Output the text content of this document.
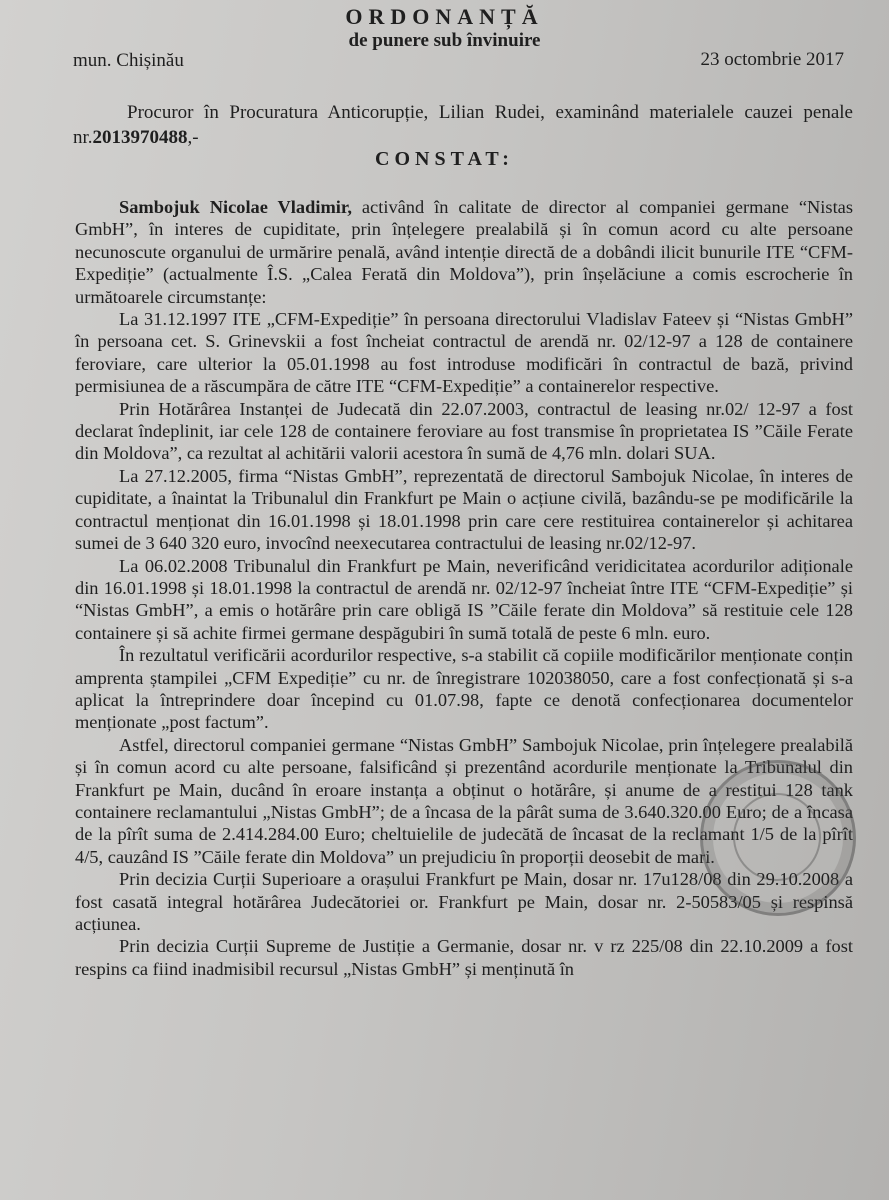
ORDONANȚĂ
de punere sub învinuire
mun. Chișinău	23 octombrie 2017
Procuror în Procuratura Anticorupție, Lilian Rudei, examinând materialele cauzei penale nr.2013970488,-
CONSTAT:

Sambojuk Nicolae Vladimir, activând în calitate de director al companiei germane “Nistas GmbH”, în interes de cupiditate, prin înțelegere prealabilă și în comun acord cu alte persoane necunoscute organului de urmărire penală, având intenție directă de a dobândi ilicit bunurile ITE “CFM-Expediție” (actualmente Î.S. „Calea Ferată din Moldova”), prin înșelăciune a comis escrocherie în următoarele circumstanțe:

La 31.12.1997 ITE „CFM-Expediție” în persoana directorului Vladislav Fateev și “Nistas GmbH” în persoana cet. S. Grinevskii a fost încheiat contractul de arendă nr. 02/12-97 a 128 de containere feroviare, care ulterior la 05.01.1998 au fost introduse modificări în contractul de bază, privind permisiunea de a răscumpăra de către ITE “CFM-Expediție” a containerelor respective.

Prin Hotărârea Instanței de Judecată din 22.07.2003, contractul de leasing nr.02/ 12-97 a fost declarat îndeplinit, iar cele 128 de containere feroviare au fost transmise în proprietatea IS ”Căile Ferate din Moldova”, ca rezultat al achitării valorii acestora în sumă de 4,76 mln. dolari SUA.

La 27.12.2005, firma “Nistas GmbH”, reprezentată de directorul Sambojuk Nicolae, în interes de cupiditate, a înaintat la Tribunalul din Frankfurt pe Main o acțiune civilă, bazându-se pe modificările la contractul menționat din 16.01.1998 și 18.01.1998 prin care cere restituirea containerelor și achitarea sumei de 3 640 320 euro, invocînd neexecutarea contractului de leasing nr.02/12-97.

La 06.02.2008 Tribunalul din Frankfurt pe Main, neverificând veridicitatea acordurilor adiționale din 16.01.1998 și 18.01.1998 la contractul de arendă nr. 02/12-97 încheiat între ITE “CFM-Expediție” și “Nistas GmbH”, a emis o hotărâre prin care obligă IS ”Căile ferate din Moldova” să restituie cele 128 containere și să achite firmei germane despăgubiri în sumă totală de peste 6 mln. euro.

În rezultatul verificării acordurilor respective, s-a stabilit că copiile modificărilor menționate conțin amprenta ștampilei „CFM Expediție” cu nr. de înregistrare 102038050, care a fost confecționată și s-a aplicat la întreprindere doar începind cu 01.07.98, fapte ce denotă confecționarea documentelor menționate „post factum”.

Astfel, directorul companiei germane “Nistas GmbH” Sambojuk Nicolae, prin înțelegere prealabilă și în comun acord cu alte persoane, falsificând și prezentând acordurile menționate la Tribunalul din Frankfurt pe Main, ducând în eroare instanța a obținut o hotărâre, și anume de a restitui 128 tank containere reclamantului „Nistas GmbH”; de a încasa de la pârât suma de 3.640.320.00 Euro; de a încasa de la pîrît suma de 2.414.284.00 Euro; cheltuielile de judecătă de încasat de la reclamant 1/5 de la pîrît 4/5, cauzând IS ”Căile ferate din Moldova” un prejudiciu în proporții deosebit de mari.

Prin decizia Curții Superioare a orașului Frankfurt pe Main, dosar nr. 17u128/08 din 29.10.2008 a fost casată integral hotărârea Judecătoriei or. Frankfurt pe Main, dosar nr. 2-50583/05 și respinsă acțiunea.

Prin decizia Curții Supreme de Justiție a Germanie, dosar nr. v rz 225/08 din 22.10.2009 a fost respins ca fiind inadmisibil recursul „Nistas GmbH” și menținută în
